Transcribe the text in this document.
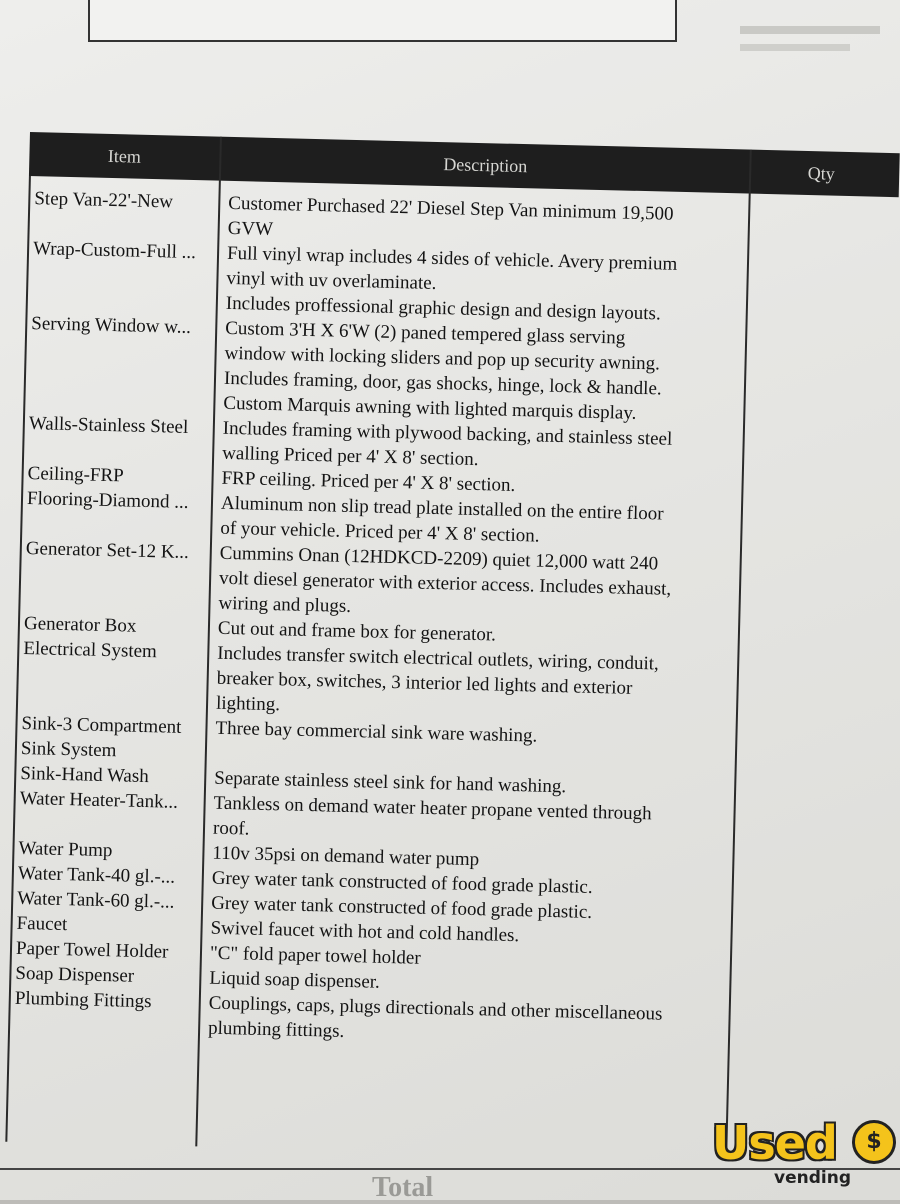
Item	Description	Qty
Step Van-22'-New	Customer Purchased 22' Diesel Step Van minimum 19,500
GVW

Wrap-Custom-Full ...	Full vinyl wrap includes 4 sides of vehicle. Avery premium
vinyl with uv overlaminate.
Includes proffessional graphic design and design layouts.
Serving Window w...	Custom 3'H X 6'W (2) paned tempered glass serving
window with locking sliders and pop up security awning.
Includes framing, door, gas shocks, hinge, lock & handle.
Custom Marquis awning with lighted marquis display.
Walls-Stainless Steel	Includes framing with plywood backing, and stainless steel
walling Priced per 4' X 8' section.
Ceiling-FRP	FRP ceiling. Priced per 4' X 8' section.
Flooring-Diamond ...	Aluminum non slip tread plate installed on the entire floor
of your vehicle. Priced per 4' X 8' section.
Generator Set-12 K...	Cummins Onan (12HDKCD-2209) quiet 12,000 watt 240
volt diesel generator with exterior access. Includes exhaust,
wiring and plugs.
Generator Box	Cut out and frame box for generator.
Electrical System	Includes transfer switch electrical outlets, wiring, conduit,
breaker box, switches, 3 interior led lights and exterior
lighting.
Sink-3 Compartment	Three bay commercial sink ware washing.
Sink System
Sink-Hand Wash	Separate stainless steel sink for hand washing.
Water Heater-Tank...	Tankless on demand water heater propane vented through
roof.
Water Pump	110v 35psi on demand water pump
Water Tank-40 gl.-...	Grey water tank constructed of food grade plastic.
Water Tank-60 gl.-...	Grey water tank constructed of food grade plastic.
Faucet	Swivel faucet with hot and cold handles.
Paper Towel Holder	"C" fold paper towel holder
Soap Dispenser	Liquid soap dispenser.
Plumbing Fittings	Couplings, caps, plugs directionals and other miscellaneous
plumbing fittings.
Total
Used	$
vending
